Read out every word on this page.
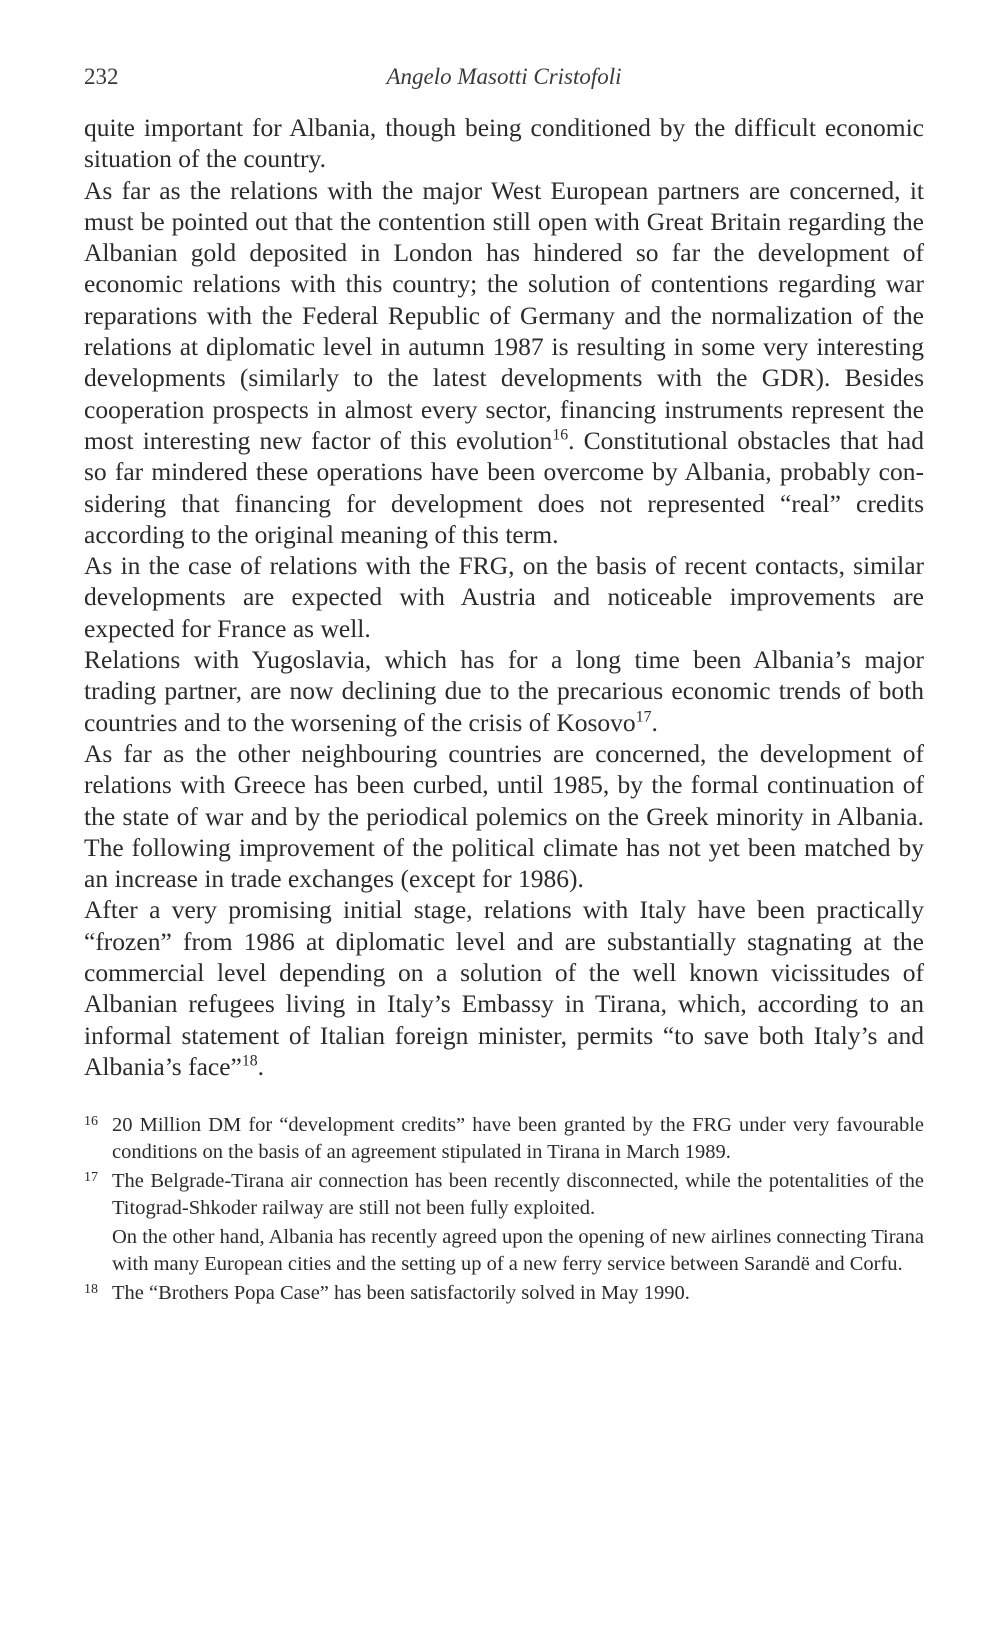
232	Angelo Masotti Cristofoli

quite important for Albania, though being conditioned by the difficult economic situation of the country.

As far as the relations with the major West European partners are concerned, it must be pointed out that the contention still open with Great Britain regarding the Albanian gold deposited in London has hindered so far the development of economic relations with this country; the solution of contentions regarding war reparations with the Federal Republic of Germany and the normalization of the relations at diplomatic level in autumn 1987 is resulting in some very interesting developments (similarly to the latest developments with the GDR). Besides cooperation prospects in almost every sector, financing instruments represent the most interesting new factor of this evolution$^{16}$. Constitutional obstacles that had so far mindered these operations have been overcome by Albania, probably considering that financing for development does not represented “real” credits according to the original meaning of this term.

As in the case of relations with the FRG, on the basis of recent contacts, similar developments are expected with Austria and noticeable improvements are expected for France as well.

Relations with Yugoslavia, which has for a long time been Albania’s major trading partner, are now declining due to the precarious economic trends of both countries and to the worsening of the crisis of Kosovo$^{17}$.

As far as the other neighbouring countries are concerned, the development of relations with Greece has been curbed, until 1985, by the formal continuation of the state of war and by the periodical polemics on the Greek minority in Albania. The following improvement of the political climate has not yet been matched by an increase in trade exchanges (except for 1986).

After a very promising initial stage, relations with Italy have been practically “frozen” from 1986 at diplomatic level and are substantially stagnating at the commercial level depending on a solution of the well known vicissitudes of Albanian refugees living in Italy’s Embassy in Tirana, which, according to an informal statement of Italian foreign minister, permits “to save both Italy’s and Albania’s face”$^{18}$.

16 20 Million DM for “development credits” have been granted by the FRG under very favourable conditions on the basis of an agreement stipulated in Tirana in March 1989.

17 The Belgrade-Tirana air connection has been recently disconnected, while the potentalities of the Titograd-Shkoder railway are still not been fully exploited.

On the other hand, Albania has recently agreed upon the opening of new airlines connecting Tirana with many European cities and the setting up of a new ferry service between Sarandë and Corfu.

18 The “Brothers Popa Case” has been satisfactorily solved in May 1990.
